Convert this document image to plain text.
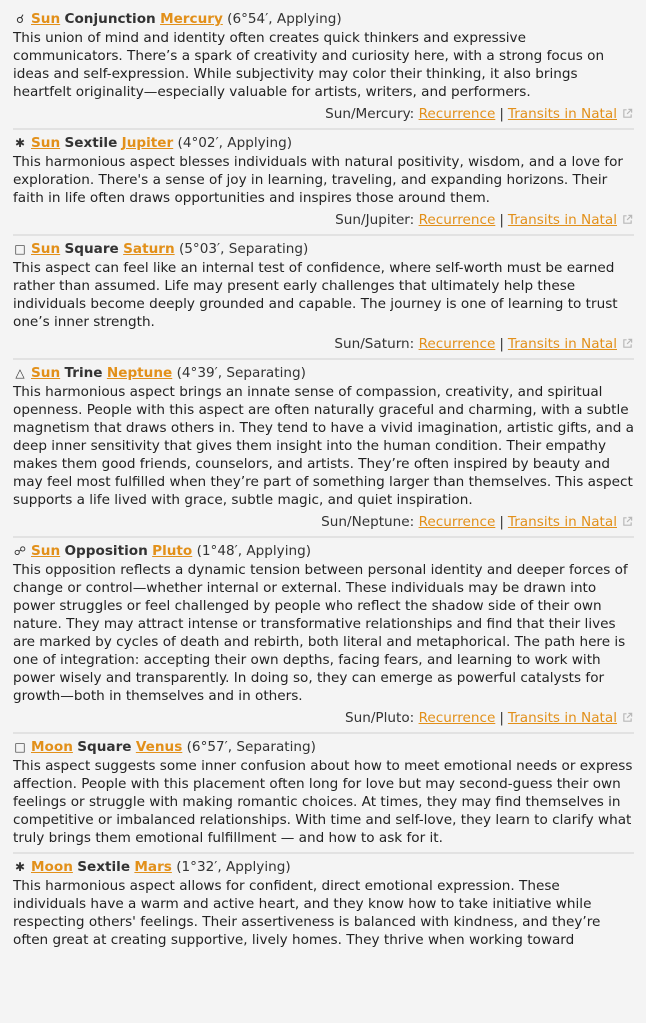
☌ Sun Conjunction Mercury (6°54′, Applying)

This union of mind and identity often creates quick thinkers and expressive communicators. There’s a spark of creativity and curiosity here, with a strong focus on ideas and self-expression. While subjectivity may color their thinking, it also brings heartfelt originality—especially valuable for artists, writers, and performers.

Sun/Mercury: Recurrence | Transits in Natal
✱ Sun Sextile Jupiter (4°02′, Applying)

This harmonious aspect blesses individuals with natural positivity, wisdom, and a love for exploration. There's a sense of joy in learning, traveling, and expanding horizons. Their faith in life often draws opportunities and inspires those around them.

Sun/Jupiter: Recurrence | Transits in Natal
□ Sun Square Saturn (5°03′, Separating)

This aspect can feel like an internal test of confidence, where self-worth must be earned rather than assumed. Life may present early challenges that ultimately help these individuals become deeply grounded and capable. The journey is one of learning to trust one’s inner strength.

Sun/Saturn: Recurrence | Transits in Natal
△ Sun Trine Neptune (4°39′, Separating)

This harmonious aspect brings an innate sense of compassion, creativity, and spiritual openness. People with this aspect are often naturally graceful and charming, with a subtle magnetism that draws others in. They tend to have a vivid imagination, artistic gifts, and a deep inner sensitivity that gives them insight into the human condition. Their empathy makes them good friends, counselors, and artists. They’re often inspired by beauty and may feel most fulfilled when they’re part of something larger than themselves. This aspect supports a life lived with grace, subtle magic, and quiet inspiration.

Sun/Neptune: Recurrence | Transits in Natal
☍ Sun Opposition Pluto (1°48′, Applying)

This opposition reflects a dynamic tension between personal identity and deeper forces of change or control—whether internal or external. These individuals may be drawn into power struggles or feel challenged by people who reflect the shadow side of their own nature. They may attract intense or transformative relationships and find that their lives are marked by cycles of death and rebirth, both literal and metaphorical. The path here is one of integration: accepting their own depths, facing fears, and learning to work with power wisely and transparently. In doing so, they can emerge as powerful catalysts for growth—both in themselves and in others.

Sun/Pluto: Recurrence | Transits in Natal
□ Moon Square Venus (6°57′, Separating)

This aspect suggests some inner confusion about how to meet emotional needs or express affection. People with this placement often long for love but may second-guess their own feelings or struggle with making romantic choices. At times, they may find themselves in competitive or imbalanced relationships. With time and self-love, they learn to clarify what truly brings them emotional fulfillment — and how to ask for it.

✱ Moon Sextile Mars (1°32′, Applying)

This harmonious aspect allows for confident, direct emotional expression. These individuals have a warm and active heart, and they know how to take initiative while respecting others' feelings. Their assertiveness is balanced with kindness, and they’re often great at creating supportive, lively homes. They thrive when working toward
